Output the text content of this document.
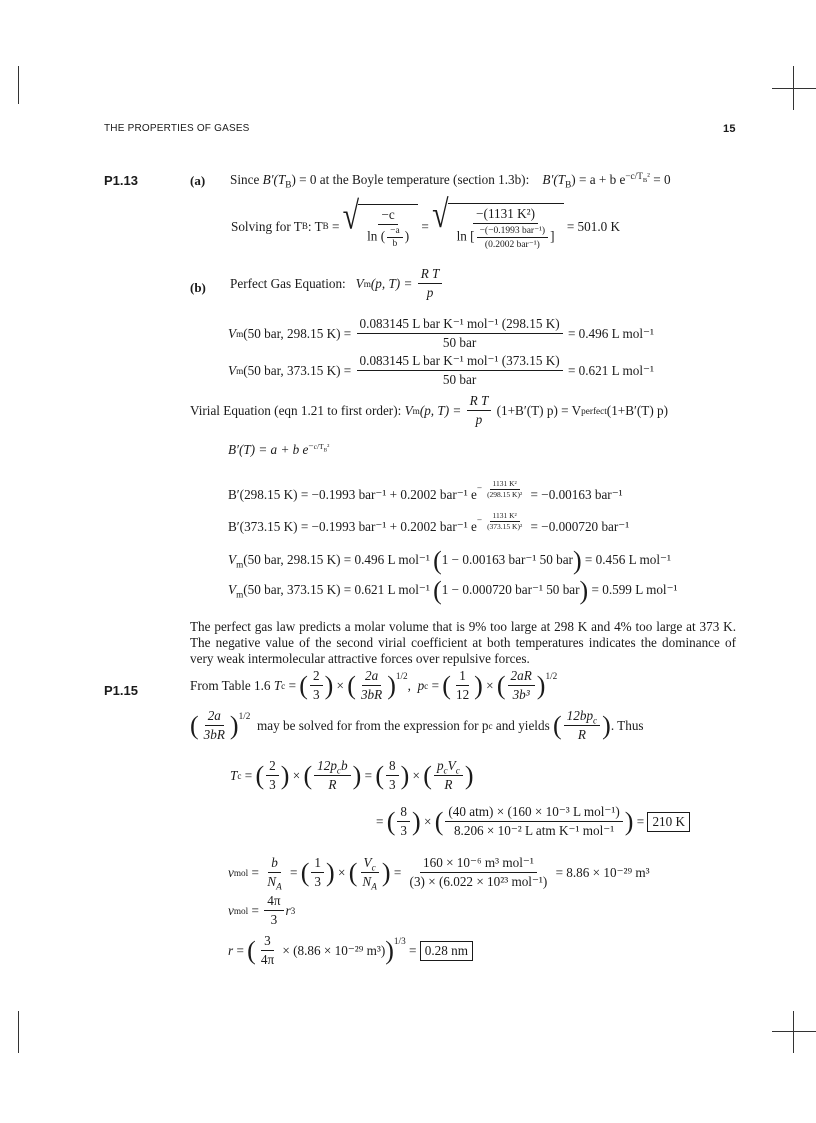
THE PROPERTIES OF GASES	15
P1.13	(a) Since $B'(T_B) = 0$ at the Boyle temperature (section 1.3b): $B'(T_B) = a + b$ $e^{-c/T_B^2} = 0$
Solving for T B : T B = √ $\frac{-c}{\ln ( \frac{-a}{b} )}$ = √ $\frac{\text{−(1131 K²)}}{\ln [ \frac{\text{−(−0.1993 bar⁻¹)}}{\text{(0.2002 bar⁻¹)}} ]}$
= 501.0 K
(b) Perfect Gas Equation:
V m (p, T) =
$\frac{\text{R T}}{p}$
V m (50 bar, 298.15 K) =
$\frac{\text{0.083145 L bar K⁻¹ mol⁻¹ (298.15 K)}}{\text{50 bar}}$
= 0.496 L mol⁻¹
V m (50 bar, 373.15 K) =
$\frac{\text{0.083145 L bar K⁻¹ mol⁻¹ (373.15 K)}}{\text{50 bar}}$
= 0.621 L mol⁻¹
Virial Equation (eqn 1.21 to first order):
V m (p, T) =
$\frac{\text{R T}}{p}$
(1+B′(T) p) = V perfect (1+B′(T) p)
B′(T) = a + b $e^{-c/T_B^2}$
B′(298.15 K) = −0.1993 bar⁻¹ + 0.2002 bar⁻¹ $e^{- \frac{\text{1131 K²}}{\text{(298.15 K)²}}}$
= −0.00163 bar⁻¹
B′(373.15 K) = −0.1993 bar⁻¹ + 0.2002 bar⁻¹ $e^{- \frac{\text{1131 K²}}{\text{(373.15 K)²}}}$
= −0.000720 bar⁻¹
$V_m(50$ bar, 298.15 K) = 0.496 L mol⁻¹ (1 − 0.00163 bar⁻¹ 50 bar) = 0.456 L mol⁻¹
$V_m(50$ bar, 373.15 K) = 0.621 L mol⁻¹ (1 − 0.000720 bar⁻¹ 50 bar) = 0.599 L mol⁻¹
The perfect gas law predicts a molar volume that is 9% too large at 298 K and 4% too large at 373 K. The negative value of the second virial coefficient at both temperatures indicates the dominance of very weak intermolecular attractive forces over repulsive forces.
P1.15	From Table 1.6
T c = ( $\frac{2}{3}$ ) × ( $\frac{2a}{3bR} )^{1/2}$
, p c = ( $\frac{1}{12}$ ) × ( $\frac{2aR}{\text{3b³}} )^{1/2}$
( $\frac{2a}{3bR} )^{1/2}$

may be solved for from the expression for p c
and yields
( $\frac{12bp_c}{R}$ ) . Thus
T c = ( $\frac{2}{3}$ ) × ( $\frac{12p_cb}{R}$ ) = ( $\frac{8}{3}$ ) × ( $\frac{p_cV_c}{R}$ )
= ( $\frac{8}{3}$ ) × ( $\frac{\text{(40 atm) × (160 × 10⁻³ L mol⁻¹)}}{\text{8.206 × 10⁻² L atm K⁻¹ mol⁻¹}}$ ) = 210 K
v mol = $\frac{b}{N_A}$ = ( $\frac{1}{3}$ ) × ( $\frac{V_c}{N_A}$ ) = $\frac{\text{160 × 10⁻⁶ m³ mol⁻¹}}{\text{(3) × (6.022 × 10²³ mol⁻¹)}}$
= 8.86 × 10⁻²⁹ m³
v mol = $\frac{4\pi}{3}$ r 3
r = ( $\frac{3}{4\pi}$
× (8.86 × 10⁻²⁹ m³) )$^{1/3}$
= 0.28 nm
